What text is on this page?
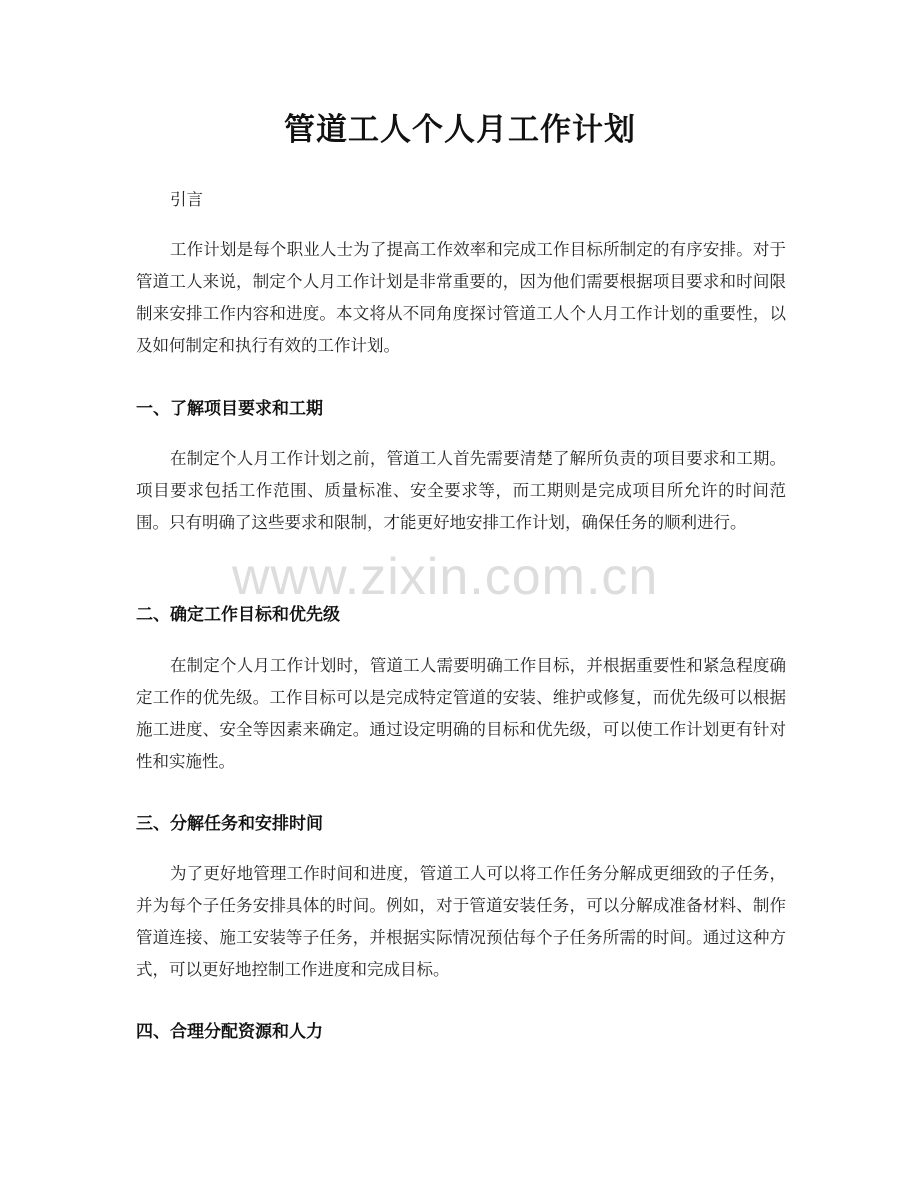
管道工人个人月工作计划
引言
工作计划是每个职业人士为了提高工作效率和完成工作目标所制定的有序安排。对于管道工人来说，制定个人月工作计划是非常重要的，因为他们需要根据项目要求和时间限制来安排工作内容和进度。本文将从不同角度探讨管道工人个人月工作计划的重要性，以及如何制定和执行有效的工作计划。
一、了解项目要求和工期
在制定个人月工作计划之前，管道工人首先需要清楚了解所负责的项目要求和工期。项目要求包括工作范围、质量标准、安全要求等，而工期则是完成项目所允许的时间范围。只有明确了这些要求和限制，才能更好地安排工作计划，确保任务的顺利进行。
二、确定工作目标和优先级
在制定个人月工作计划时，管道工人需要明确工作目标，并根据重要性和紧急程度确定工作的优先级。工作目标可以是完成特定管道的安装、维护或修复，而优先级可以根据施工进度、安全等因素来确定。通过设定明确的目标和优先级，可以使工作计划更有针对性和实施性。
三、分解任务和安排时间
为了更好地管理工作时间和进度，管道工人可以将工作任务分解成更细致的子任务，并为每个子任务安排具体的时间。例如，对于管道安装任务，可以分解成准备材料、制作管道连接、施工安装等子任务，并根据实际情况预估每个子任务所需的时间。通过这种方式，可以更好地控制工作进度和完成目标。
四、合理分配资源和人力
www.zixin.com.cn
